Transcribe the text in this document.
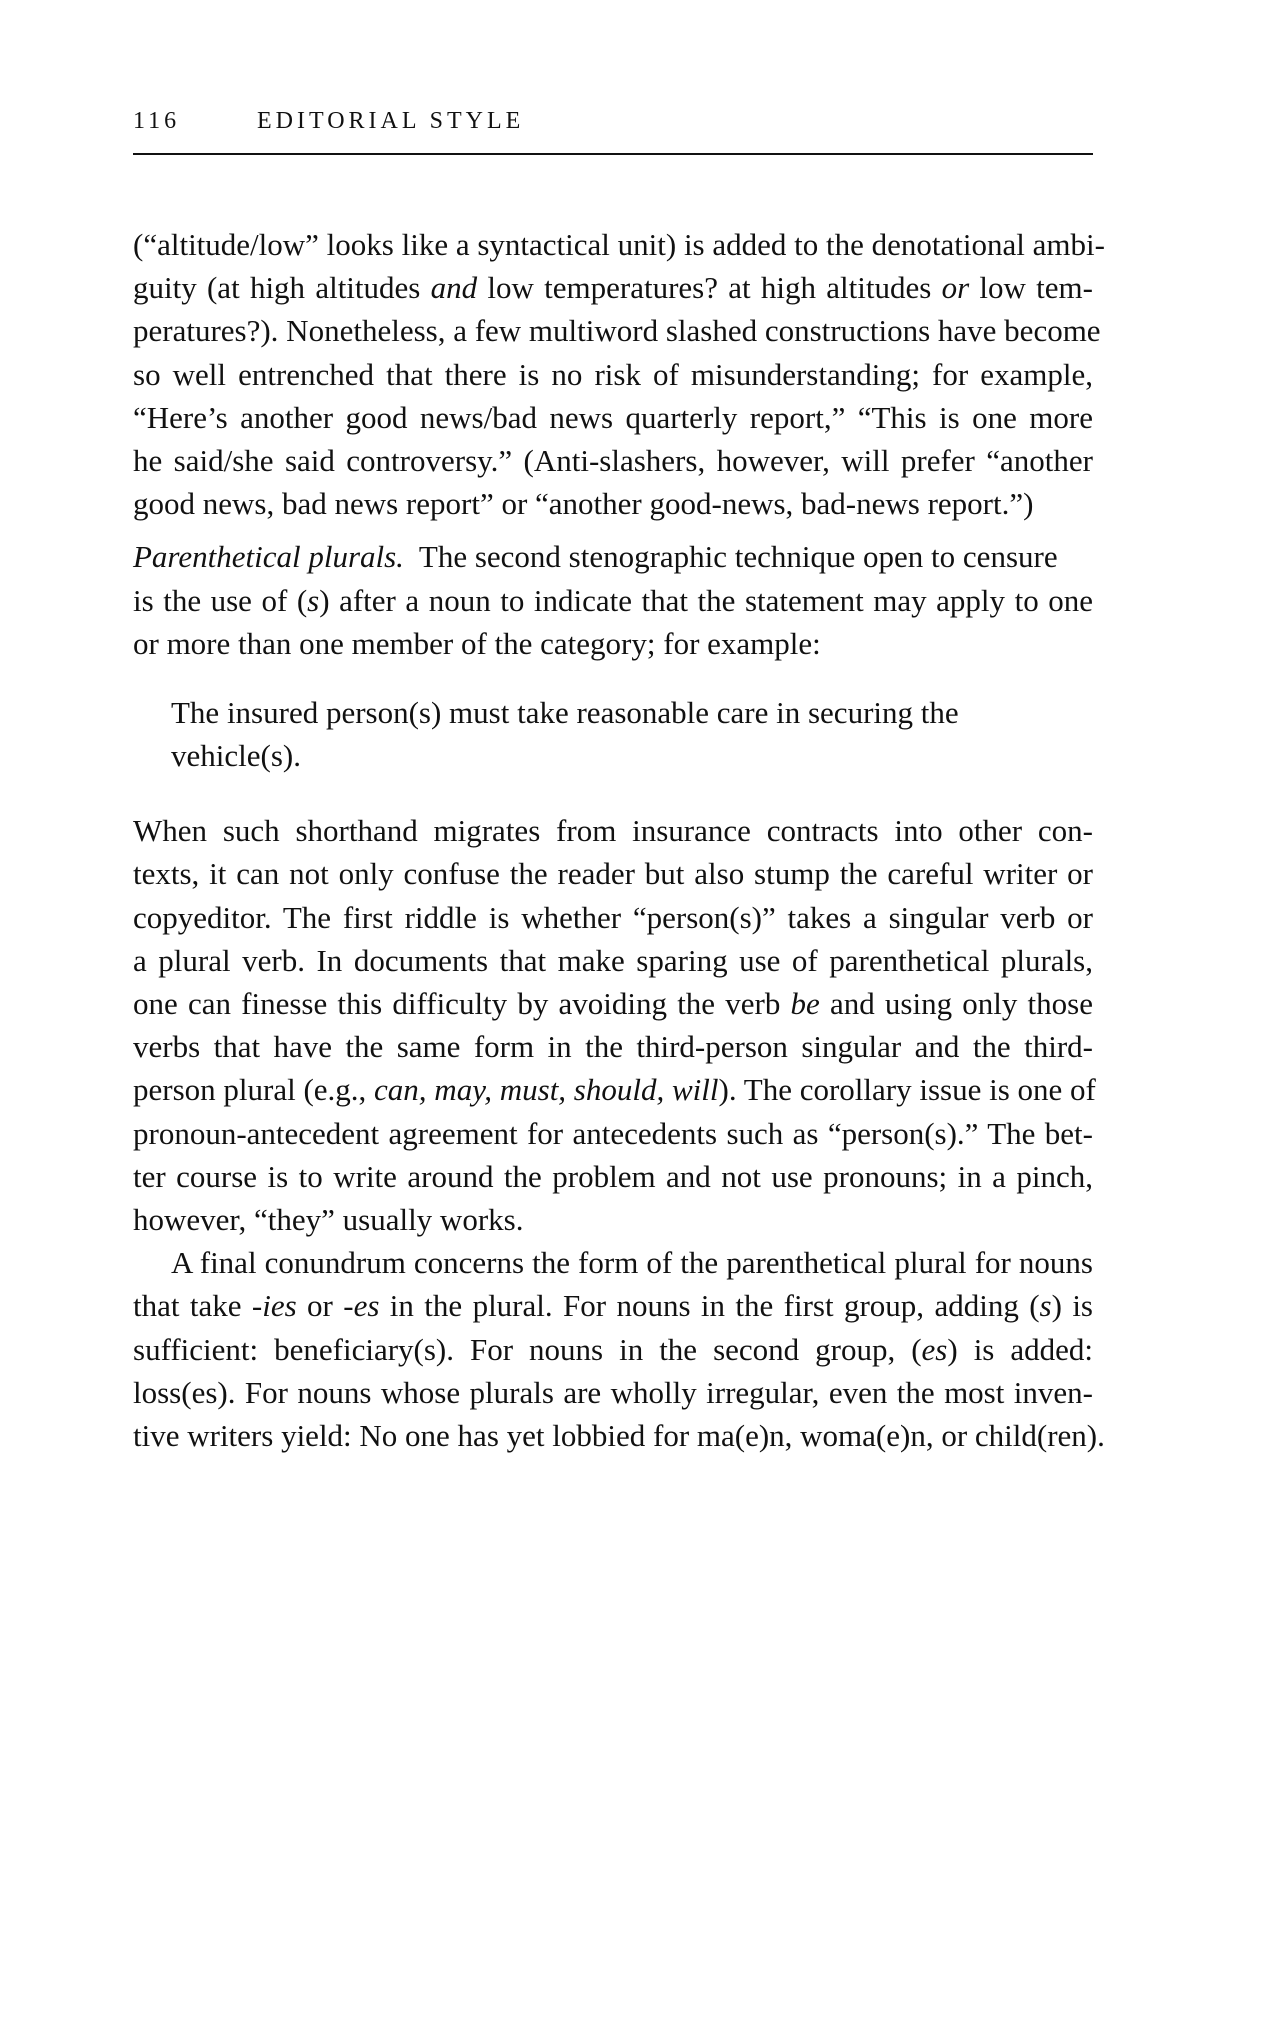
116	EDITORIAL STYLE
(“altitude/low” looks like a syntactical unit) is added to the denotational ambi-
guity (at high altitudes and low temperatures? at high altitudes or low tem-
peratures?). Nonetheless, a few multiword slashed constructions have become
so well entrenched that there is no risk of misunderstanding; for example,
“Here’s another good news/bad news quarterly report,” “This is one more
he said/she said controversy.” (Anti-slashers, however, will prefer “another
good news, bad news report” or “another good-news, bad-news report.”)
Parenthetical plurals.  The second stenographic technique open to censure
is the use of (s) after a noun to indicate that the statement may apply to one
or more than one member of the category; for example:
The insured person(s) must take reasonable care in securing the
vehicle(s).
When such shorthand migrates from insurance contracts into other con-
texts, it can not only confuse the reader but also stump the careful writer or
copyeditor. The first riddle is whether “person(s)” takes a singular verb or
a plural verb. In documents that make sparing use of parenthetical plurals,
one can finesse this difficulty by avoiding the verb be and using only those
verbs that have the same form in the third-person singular and the third-
person plural (e.g., can, may, must, should, will). The corollary issue is one of
pronoun-antecedent agreement for antecedents such as “person(s).” The bet-
ter course is to write around the problem and not use pronouns; in a pinch,
however, “they” usually works.
A final conundrum concerns the form of the parenthetical plural for nouns
that take -ies or -es in the plural. For nouns in the first group, adding (s) is
sufficient: beneficiary(s). For nouns in the second group, (es) is added:
loss(es). For nouns whose plurals are wholly irregular, even the most inven-
tive writers yield: No one has yet lobbied for ma(e)n, woma(e)n, or child(ren).
